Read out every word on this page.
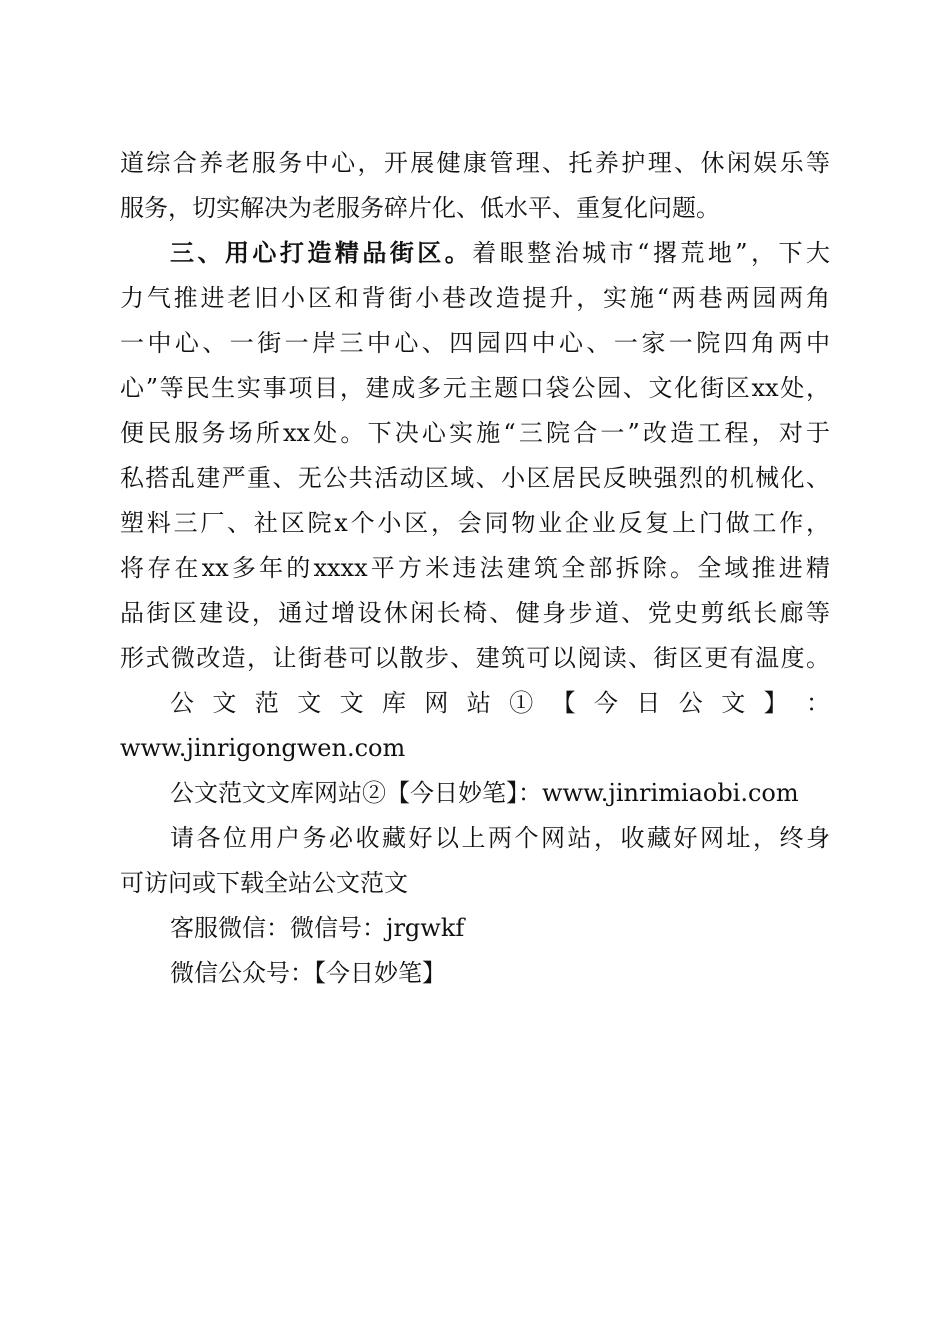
道综合养老服务中心，开展健康管理、托养护理、休闲娱乐等
服务，切实解决为老服务碎片化、低水平、重复化问题。
三、用心打造精品街区。着眼整治城市“撂荒地”，下大
力气推进老旧小区和背街小巷改造提升，实施“两巷两园两角
一中心、一街一岸三中心、四园四中心、一家一院四角两中
心”等民生实事项目，建成多元主题口袋公园、文化街区xx处，
便民服务场所xx处。下决心实施“三院合一”改造工程，对于
私搭乱建严重、无公共活动区域、小区居民反映强烈的机械化、
塑料三厂、社区院x个小区，会同物业企业反复上门做工作，
将存在xx多年的xxxx平方米违法建筑全部拆除。全域推进精
品街区建设，通过增设休闲长椅、健身步道、党史剪纸长廊等
形式微改造，让街巷可以散步、建筑可以阅读、街区更有温度。
公 文 范 文 文 库 网 站 ① 【 今 日 公 文 】 ：
www.jinrigongwen.com
公文范文文库网站②【今日妙笔】：www.jinrimiaobi.com
请各位用户务必收藏好以上两个网站，收藏好网址，终身
可访问或下载全站公文范文
客服微信：微信号：jrgwkf
微信公众号：【今日妙笔】
